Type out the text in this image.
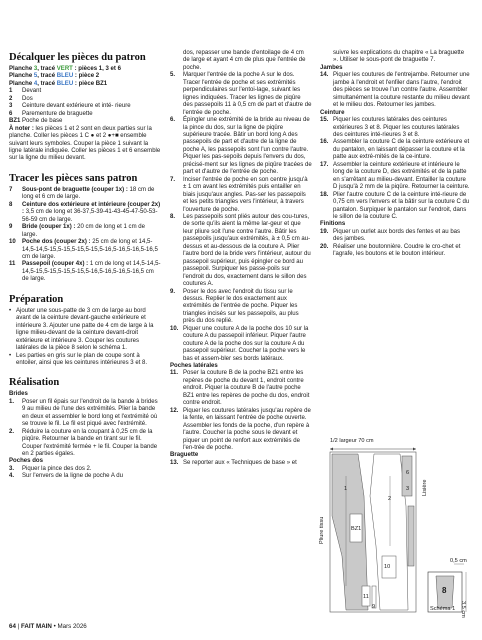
Décalquer les pièces du patron
Planche 3, tracé VERT : pièces 1, 3 et 6
Planche 5, tracé BLEU : pièce 2
Planche 4, tracé BLEU : pièce BZ1
1	Devant
2	Dos
3	Ceinture devant extérieure et inté- rieure
6	Parementure de braguette
BZ1 Poche de base
À noter : les pièces 1 et 2 sont en deux parties sur la planche. Coller les pièces 1 C ● et 2 ●+■ ensemble suivant leurs symboles. Couper la pièce 1 suivant la ligne latérale indiquée. Coller les pièces 1 et 6 ensemble sur la ligne du milieu devant.
Tracer les pièces sans patron
7	Sous-pont de braguette (couper 1x) : 18 cm de long et 6 cm de large.
8	Ceinture dos extérieure et intérieure (couper 2x) : 3,5 cm de long et 36-37,5-39-41-43-45-47-50-53-56-59 cm de large.
9	Bride (couper 1x) : 20 cm de long et 1 cm de large.
10	Poche dos (couper 2x) : 25 cm de long et 14,5-14,5-14,5-15,5-15,5-15,5-15,5-16,5-16,5-16,5-16,5 cm de large.
11	Passepoil (couper 4x) : 1 cm de long et 14,5-14,5-14,5-15,5-15,5-15,5-15,5-16,5-16,5-16,5-16,5 cm de large.
Préparation
• Ajouter une sous-patte de 3 cm de large au bord avant de la ceinture devant-gauche extérieure et intérieure 3. Ajouter une patte de 4 cm de large à la ligne milieu-devant de la ceinture devant-droit extérieure et intérieure 3. Couper les coutures latérales de la pièce 8 selon le schéma 1.
• Les parties en gris sur le plan de coupe sont à entoiler, ainsi que les ceintures intérieures 3 et 8.
Réalisation
Brides
1.	Poser un fil épais sur l'endroit de la bande à brides 9 au milieu de l'une des extrémités. Plier la bande en deux et assembler le bord long et l'extrémité où se trouve le fil. Le fil est piqué avec l'extrémité.
2.	Réduire la couture en la coupant à 0,25 cm de la piqûre. Retourner la bande en tirant sur le fil. Couper l'extrémité fermée + le fil. Couper la bande en 2 parties égales.
Poches dos
3.	Piquer la pince des dos 2.
4.	Sur l'envers de la ligne de poche A du
dos, repasser une bande d'entoilage de 4 cm de large et ayant 4 cm de plus que l'entrée de poche.
5.	Marquer l'entrée de la poche A sur le dos. Tracer l'entrée de poche et ses extrémités perpendiculaires sur l'entoi-lage, suivant les lignes indiquées. Tracer les lignes de piqûre des passepoils 11 à 0,5 cm de part et d'autre de l'entrée de poche.
6.	Épingler une extrémité de la bride au niveau de la pince du dos, sur la ligne de piqûre supérieure tracée. Bâtir un bord long A des passepoils de part et d'autre de la ligne de poche A, les passepoils sont l'un contre l'autre. Piquer les pas-sepoils depuis l'envers du dos, précisé-ment sur les lignes de piqûre tracées de part et d'autre de l'entrée de poche.
7.	Inciser l'entrée de poche en son centre jusqu'à ± 1 cm avant les extrémités puis entailler en biais jusqu'aux angles. Pas-ser les passepoils et les petits triangles vers l'intérieur, à travers l'ouverture de poche.
8.	Les passepoils sont pliés autour des cou-tures, de sorte qu'ils aient la même lar-geur et que leur pliure soit l'une contre l'autre. Bâtir les passepoils jusqu'aux extrémités, à ± 0,5 cm au-dessus et au-dessous de la couture A. Plier l'autre bord de la bride vers l'intérieur, autour du passepoil supérieur, puis épingler ce bord au passepoil. Surpiquer les passe-poils sur l'endroit du dos, exactement dans le sillon des coutures A.
9.	Poser le dos avec l'endroit du tissu sur le dessus. Replier le dos exactement aux extrémités de l'entrée de poche. Piquer les triangles incisés sur les passepoils, au plus près du dos replié.
10. Piquer une couture A de la poche dos 10 sur la couture A du passepoil inférieur. Piquer l'autre couture A de la poche dos sur la couture A du passepoil supérieur. Coucher la poche vers le bas et assem-bler ses bords latéraux.
Poches latérales
11. Poser la couture B de la poche BZ1 entre les repères de poche du devant 1, endroit contre endroit. Piquer la couture B de l'autre poche BZ1 entre les repères de poche du dos, endroit contre endroit.
12. Piquer les coutures latérales jusqu'au repère de la fente, en laissant l'entrée de poche ouverte. Assembler les fonds de la poche, d'un repère à l'autre. Coucher la poche sous le devant et piquer un point de renfort aux extrémités de l'en-trée de poche.
Braguette
13. Se reporter aux « Techniques de base » et
suivre les explications du chapitre « La braguette ». Utiliser le sous-pont de braguette 7.
Jambes
14. Piquer les coutures de l'entrejambe. Retourner une jambe à l'endroit et l'enfiler dans l'autre, l'endroit des pièces se trouve l'un contre l'autre. Assembler simultanément la couture restante du milieu devant et le milieu dos. Retourner les jambes.
Ceinture
15. Piquer les coutures latérales des ceintures extérieures 3 et 8. Piquer les coutures latérales des ceintures inté-rieures 3 et 8.
16. Assembler la couture C de la ceinture extérieure et du pantalon, en laissant dépasser la couture et la patte aux extré-mités de la ce-inture.
17. Assembler la ceinture extérieure et intérieure le long de la couture D, des extrémités et de la patte en s'arrêtant au milieu-devant. Entailler la couture D jusqu'à 2 mm de la piqûre. Retourner la ceinture.
18. Plier l'autre couture C de la ceinture inté-rieure de 0,75 cm vers l'envers et la bâtir sur la couture C du pantalon. Surpiquer le pantalon sur l'endroit, dans le sillon de la couture C.
Finitions
19. Piquer un ourlet aux bords des fentes et au bas des jambes.
20. Réaliser une boutonnière. Coudre le cro-chet et l'agrafe, les boutons et le bouton intérieur.
1/2 largeur 70 cm
Pliure tissu
Lisière
8
Schéma 1
0,5 cm
3,5 cm
6
1	3
2
BZ1
10
11
9
64 | FAIT MAIN • Mars 2026
